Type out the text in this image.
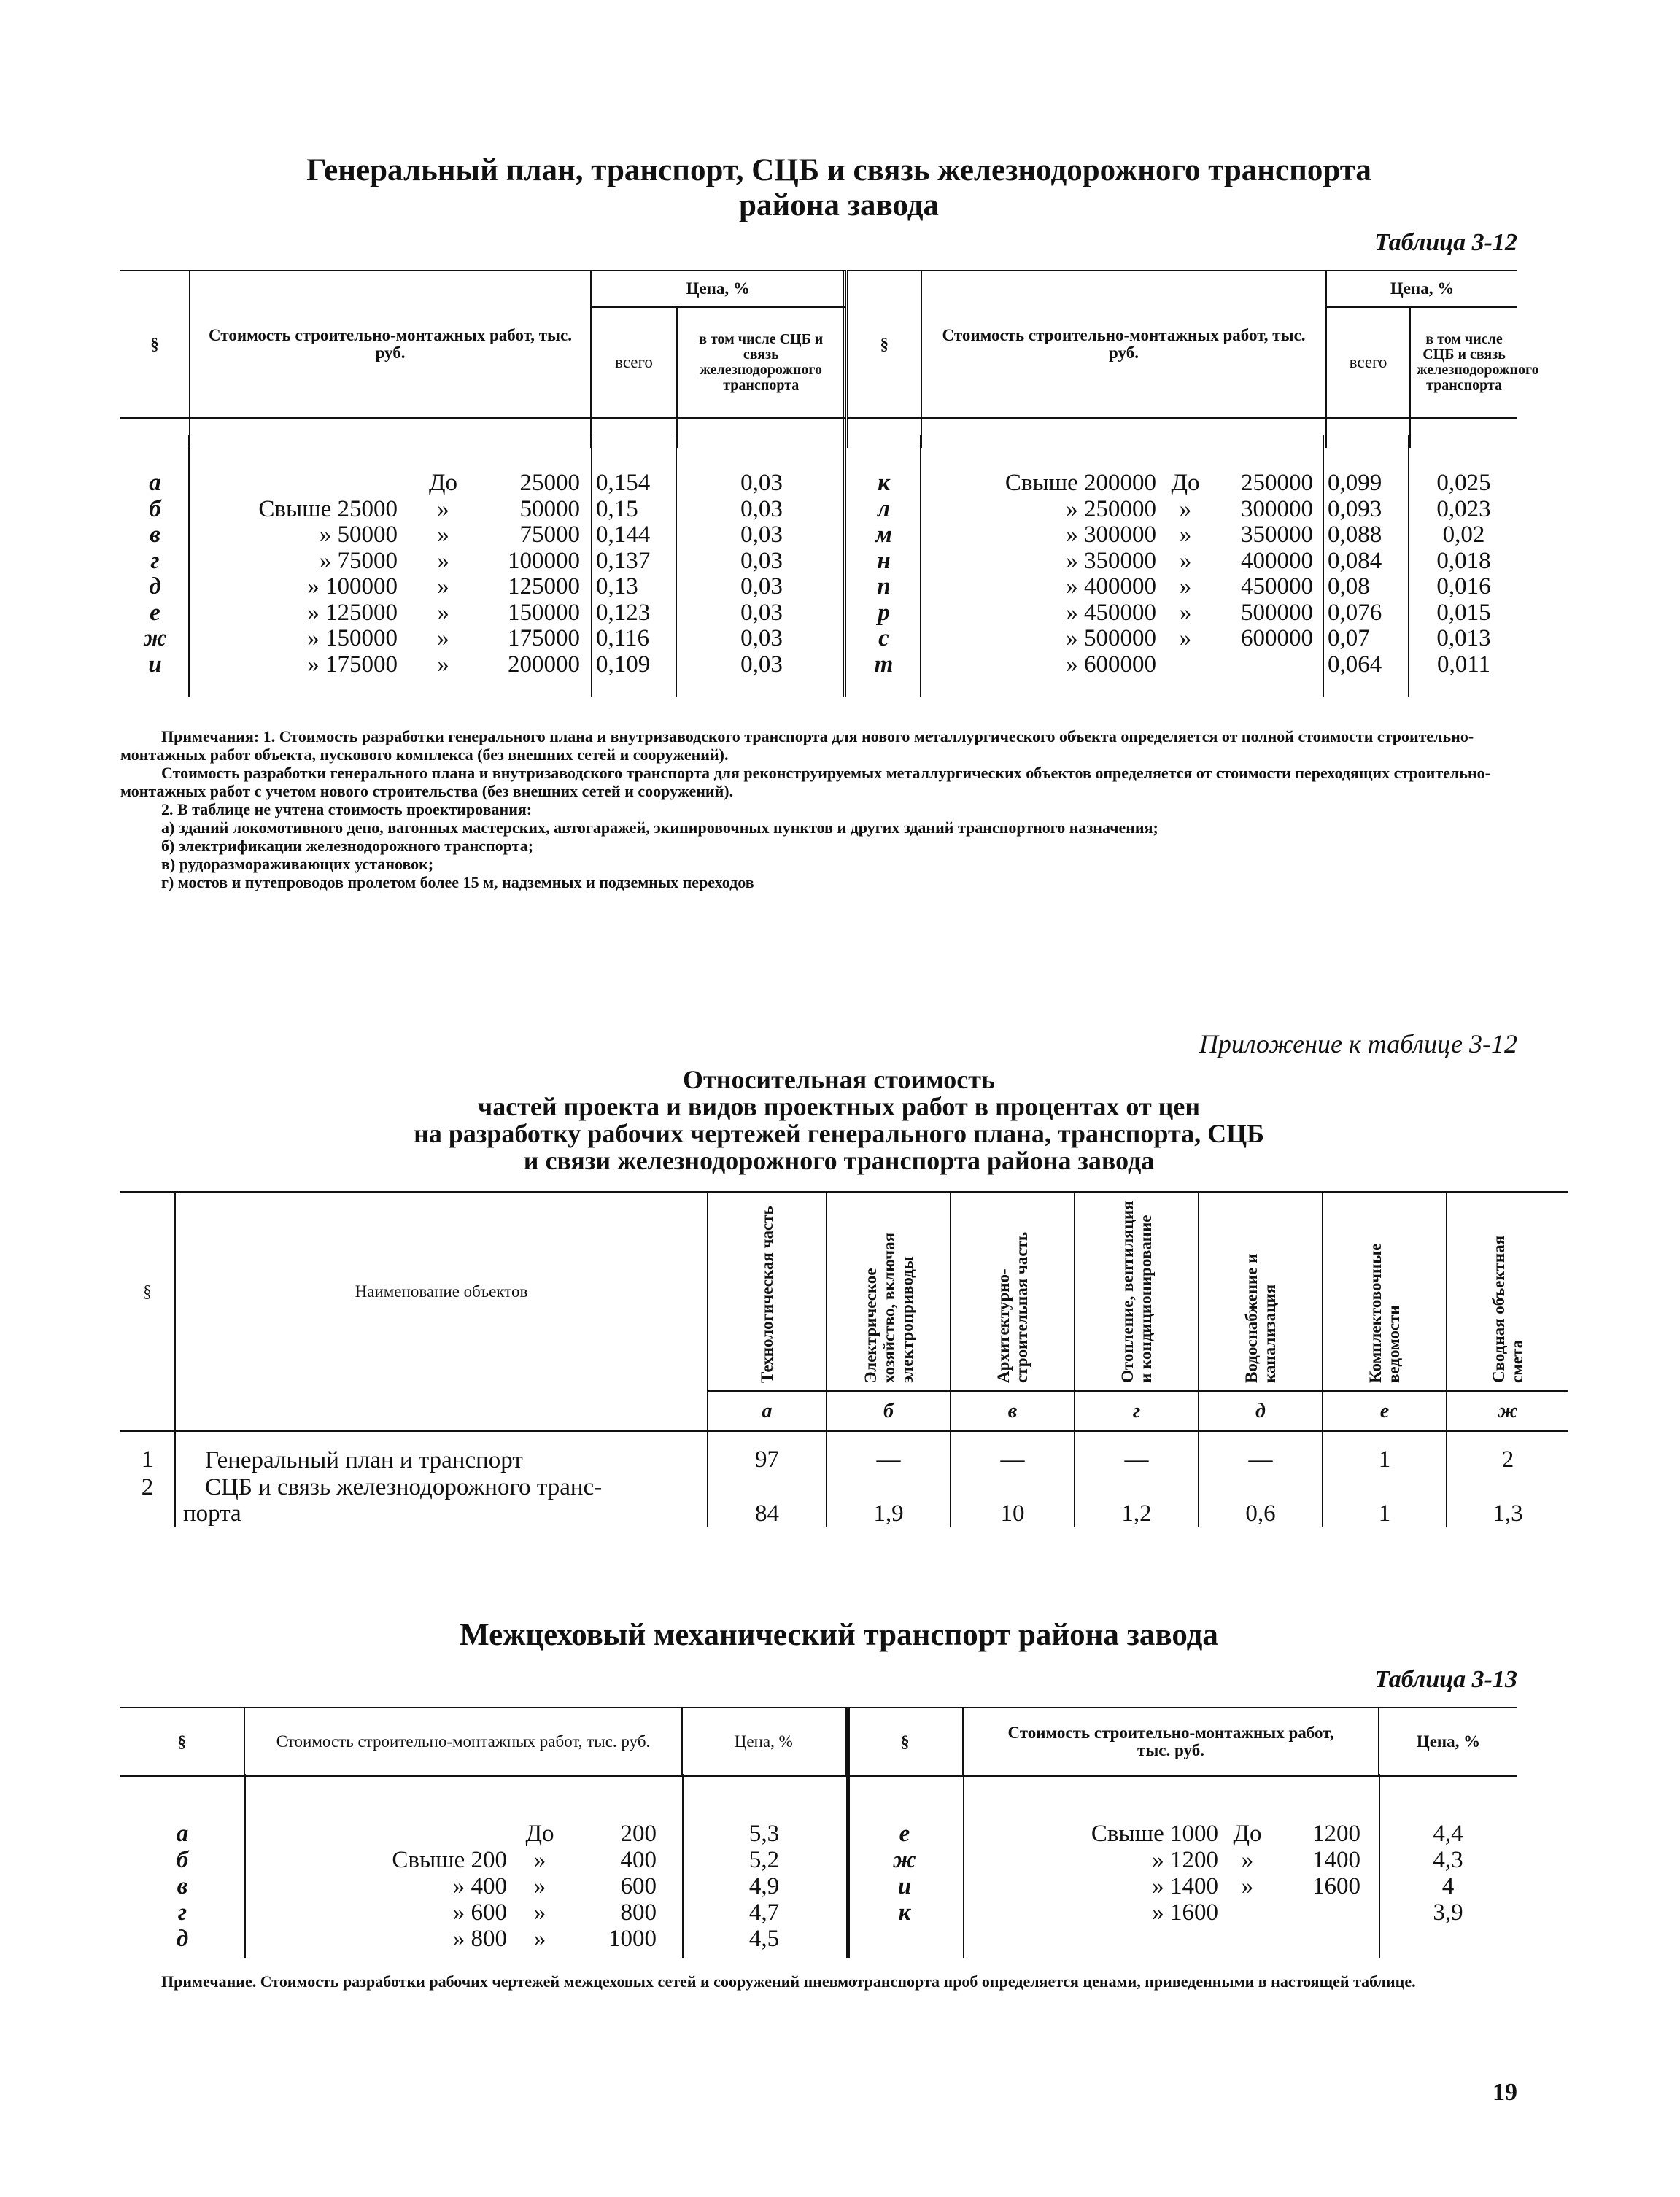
Генеральный план, транспорт, СЦБ и связь железнодорожного транспорта
района завода
Таблица 3-12
§	Стоимость строительно-монтажных работ, тыс. руб.	Цена, %		§	Стоимость строительно-монтажных работ, тыс. руб.	Цена, %	
		всего	в том числе СЦБ и связь железнодорожного транспорта			всего	в том числе СЦБ и связь железнодорожного транспорта

а	До	25000 0,154	0,03	к	Свыше 200000 До	250000 0,099	0,025
б	Свыше 25000	»	50000 0,15	0,03	л	» 250000 »	300000 0,093	0,023
в	» 50000	»	75000 0,144	0,03	м	» 300000 »	350000 0,088	0,02
г	» 75000	»	100000 0,137	0,03	н	» 350000 »	400000 0,084	0,018
д	» 100000	»	125000 0,13	0,03	п	» 400000 »	450000 0,08	0,016
е	» 125000	»	150000 0,123	0,03	р	» 450000 »	500000 0,076	0,015
ж	» 150000	»	175000 0,116	0,03	с	» 500000 »	600000 0,07	0,013
и	» 175000	»	200000 0,109	0,03	т	» 600000	0,064	0,011

Примечания: 1. Стоимость разработки генерального плана и внутризаводского транспорта для нового металлургического объекта определяется от полной стоимости строительно-монтажных работ объекта, пускового комплекса (без внешних сетей и сооружений).

Стоимость разработки генерального плана и внутризаводского транспорта для реконструируемых металлургических объектов определяется от стоимости переходящих строительно-монтажных работ с учетом нового строительства (без внешних сетей и сооружений).

2. В таблице не учтена стоимость проектирования:

а) зданий локомотивного депо, вагонных мастерских, автогаражей, экипировочных пунктов и других зданий транспортного назначения;

б) электрификации железнодорожного транспорта;

в) рудоразмораживающих установок;

г) мостов и путепроводов пролетом более 15 м, надземных и подземных переходов

Приложение к таблице 3-12
Относительная стоимость
частей проекта и видов проектных работ в процентах от цен
на разработку рабочих чертежей генерального плана, транспорта, СЦБ
и связи железнодорожного транспорта района завода
§	Наименование объектов	Технологическая часть	Электрическое хозяйство, включая электроприводы	Архитектурно-строительная часть	Отопление, вентиляция и кондиционирование	Водоснабжение и канализация	Комплектовочные ведомости	Сводная объектная смета

		а	б	в	г	д	е	ж
1	Генеральный план и транспорт	97	—	—	—	—	1	2
2	СЦБ и связь железнодорожного транс-
порта	84	1,9	10	1,2	0,6	1	1,3
Межцеховый механический транспорт района завода
Таблица 3-13
§	Стоимость строительно-монтажных работ, тыс. руб.	Цена, %	§	Стоимость строительно-монтажных работ, тыс. руб.	Цена, %
а	До	200	5,3	е	Свыше 1000 До	1200	4,4
б	Свыше 200	»	400	5,2	ж	» 1200 »	1400	4,3
в	» 400	»	600	4,9	и	» 1400 »	1600	4
г	» 600	»	800	4,7	к	» 1600	3,9
д	» 800	»	1000	4,5
Примечание. Стоимость разработки рабочих чертежей межцеховых сетей и сооружений пневмотранспорта проб определяется ценами, приведенными в настоящей таблице.
19
